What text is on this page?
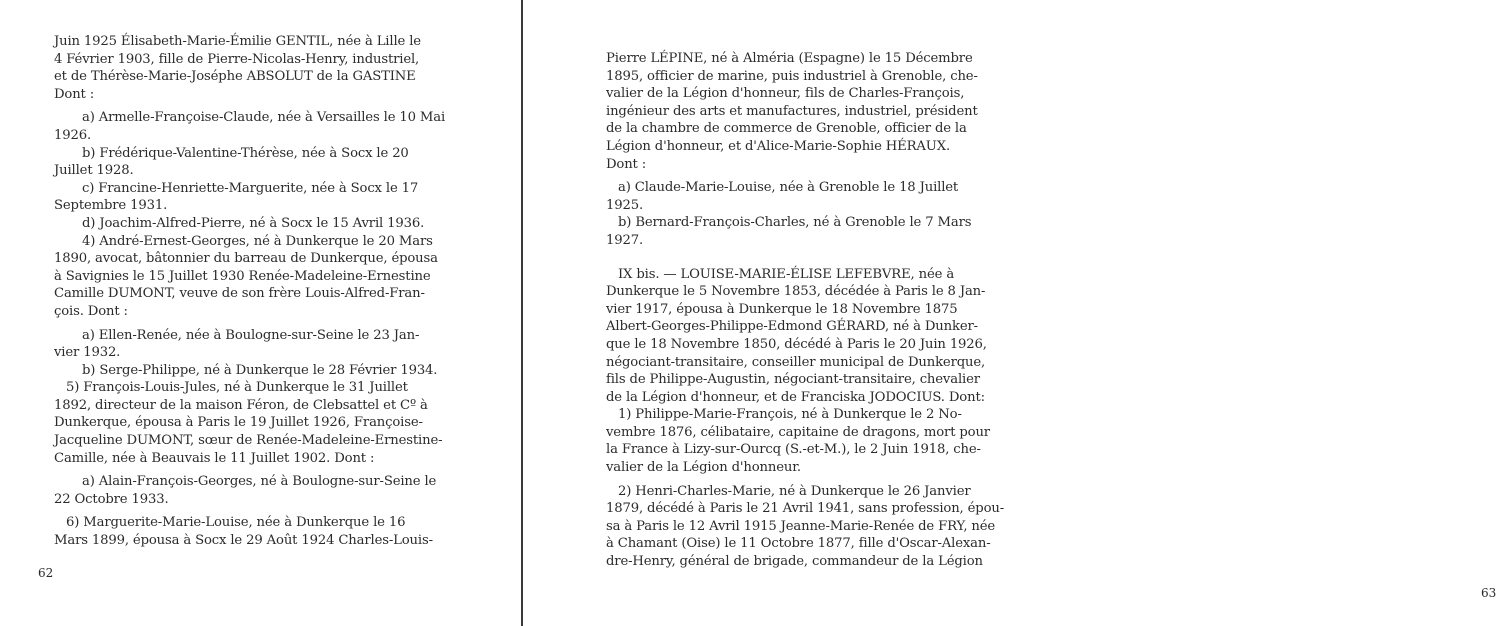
Juin 1925 Élisabeth-Marie-Émilie GENTIL, née à Lille le
4 Février 1903, fille de Pierre-Nicolas-Henry, industriel,
et de Thérèse-Marie-Joséphe ABSOLUT de la GASTINE
Dont :
a) Armelle-Françoise-Claude, née à Versailles le 10 Mai
1926.
b) Frédérique-Valentine-Thérèse, née à Socx le 20
Juillet 1928.
c) Francine-Henriette-Marguerite, née à Socx le 17
Septembre 1931.
d) Joachim-Alfred-Pierre, né à Socx le 15 Avril 1936.
4) André-Ernest-Georges, né à Dunkerque le 20 Mars
1890, avocat, bâtonnier du barreau de Dunkerque, épousa
à Savignies le 15 Juillet 1930 Renée-Madeleine-Ernestine
Camille DUMONT, veuve de son frère Louis-Alfred-Fran-
çois. Dont :
a) Ellen-Renée, née à Boulogne-sur-Seine le 23 Jan-
vier 1932.
b) Serge-Philippe, né à Dunkerque le 28 Février 1934.
5) François-Louis-Jules, né à Dunkerque le 31 Juillet
1892, directeur de la maison Féron, de Clebsattel et Cº à
Dunkerque, épousa à Paris le 19 Juillet 1926, Françoise-
Jacqueline DUMONT, sœur de Renée-Madeleine-Ernestine-
Camille, née à Beauvais le 11 Juillet 1902. Dont :
a) Alain-François-Georges, né à Boulogne-sur-Seine le
22 Octobre 1933.
6) Marguerite-Marie-Louise, née à Dunkerque le 16
Mars 1899, épousa à Socx le 29 Août 1924 Charles-Louis-
62
Pierre LÉPINE, né à Alméria (Espagne) le 15 Décembre
1895, officier de marine, puis industriel à Grenoble, che-
valier de la Légion d'honneur, fils de Charles-François,
ingénieur des arts et manufactures, industriel, président
de la chambre de commerce de Grenoble, officier de la
Légion d'honneur, et d'Alice-Marie-Sophie HÉRAUX.
Dont :
a) Claude-Marie-Louise, née à Grenoble le 18 Juillet
1925.
b) Bernard-François-Charles, né à Grenoble le 7 Mars
1927.
IX bis. — LOUISE-MARIE-ÉLISE LEFEBVRE, née à
Dunkerque le 5 Novembre 1853, décédée à Paris le 8 Jan-
vier 1917, épousa à Dunkerque le 18 Novembre 1875
Albert-Georges-Philippe-Edmond GÉRARD, né à Dunker-
que le 18 Novembre 1850, décédé à Paris le 20 Juin 1926,
négociant-transitaire, conseiller municipal de Dunkerque,
fils de Philippe-Augustin, négociant-transitaire, chevalier
de la Légion d'honneur, et de Franciska JODOCIUS. Dont:
1) Philippe-Marie-François, né à Dunkerque le 2 No-
vembre 1876, célibataire, capitaine de dragons, mort pour
la France à Lizy-sur-Ourcq (S.-et-M.), le 2 Juin 1918, che-
valier de la Légion d'honneur.
2) Henri-Charles-Marie, né à Dunkerque le 26 Janvier
1879, décédé à Paris le 21 Avril 1941, sans profession, épou-
sa à Paris le 12 Avril 1915 Jeanne-Marie-Renée de FRY, née
à Chamant (Oise) le 11 Octobre 1877, fille d'Oscar-Alexan-
dre-Henry, général de brigade, commandeur de la Légion
63
